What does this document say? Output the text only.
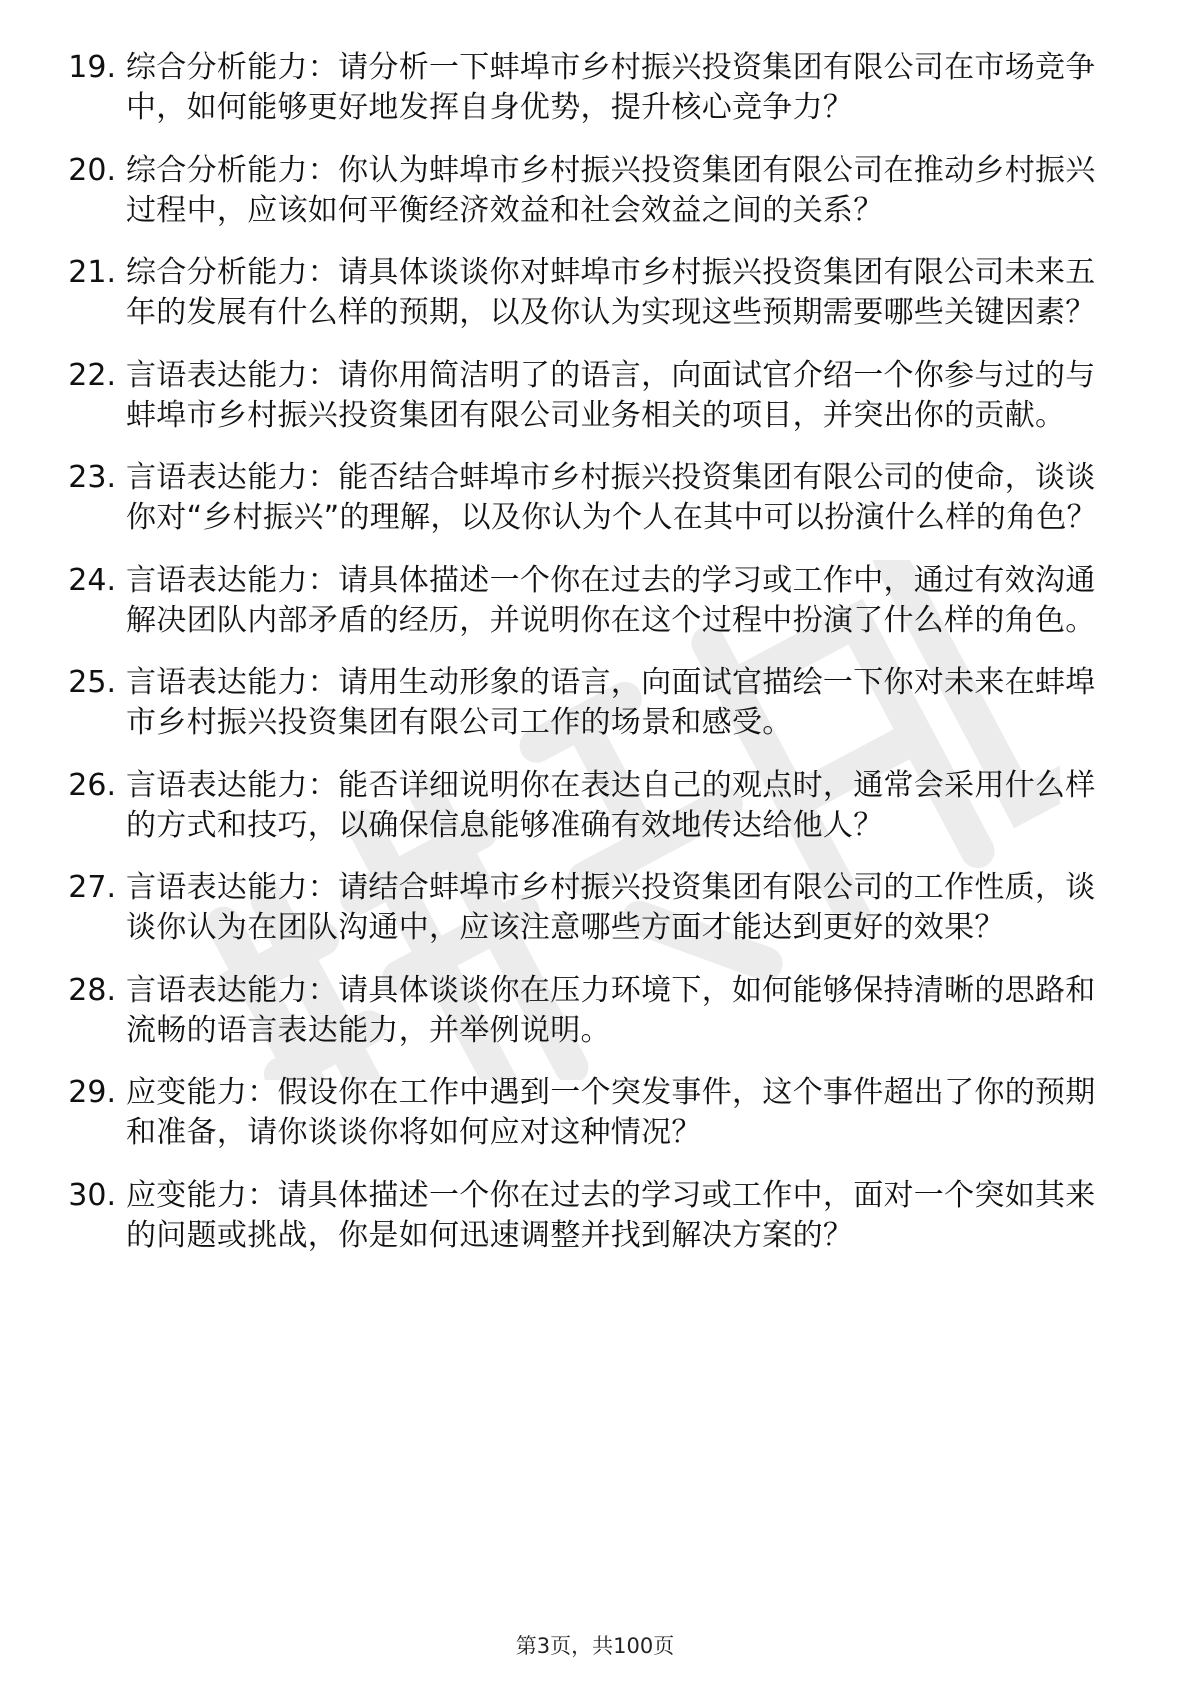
19. 综合分析能力：请分析一下蚌埠市乡村振兴投资集团有限公司在市场竞争中，如何能够更好地发挥自身优势，提升核心竞争力？
20. 综合分析能力：你认为蚌埠市乡村振兴投资集团有限公司在推动乡村振兴过程中，应该如何平衡经济效益和社会效益之间的关系？
21. 综合分析能力：请具体谈谈你对蚌埠市乡村振兴投资集团有限公司未来五年的发展有什么样的预期，以及你认为实现这些预期需要哪些关键因素？
22. 言语表达能力：请你用简洁明了的语言，向面试官介绍一个你参与过的与蚌埠市乡村振兴投资集团有限公司业务相关的项目，并突出你的贡献。
23. 言语表达能力：能否结合蚌埠市乡村振兴投资集团有限公司的使命，谈谈你对“乡村振兴”的理解，以及你认为个人在其中可以扮演什么样的角色？
24. 言语表达能力：请具体描述一个你在过去的学习或工作中，通过有效沟通解决团队内部矛盾的经历，并说明你在这个过程中扮演了什么样的角色。
25. 言语表达能力：请用生动形象的语言，向面试官描绘一下你对未来在蚌埠市乡村振兴投资集团有限公司工作的场景和感受。
26. 言语表达能力：能否详细说明你在表达自己的观点时，通常会采用什么样的方式和技巧，以确保信息能够准确有效地传达给他人？
27. 言语表达能力：请结合蚌埠市乡村振兴投资集团有限公司的工作性质，谈谈你认为在团队沟通中，应该注意哪些方面才能达到更好的效果？
28. 言语表达能力：请具体谈谈你在压力环境下，如何能够保持清晰的思路和流畅的语言表达能力，并举例说明。
29. 应变能力：假设你在工作中遇到一个突发事件，这个事件超出了你的预期和准备，请你谈谈你将如何应对这种情况？
30. 应变能力：请具体描述一个你在过去的学习或工作中，面对一个突如其来的问题或挑战，你是如何迅速调整并找到解决方案的？
第3页，共100页
